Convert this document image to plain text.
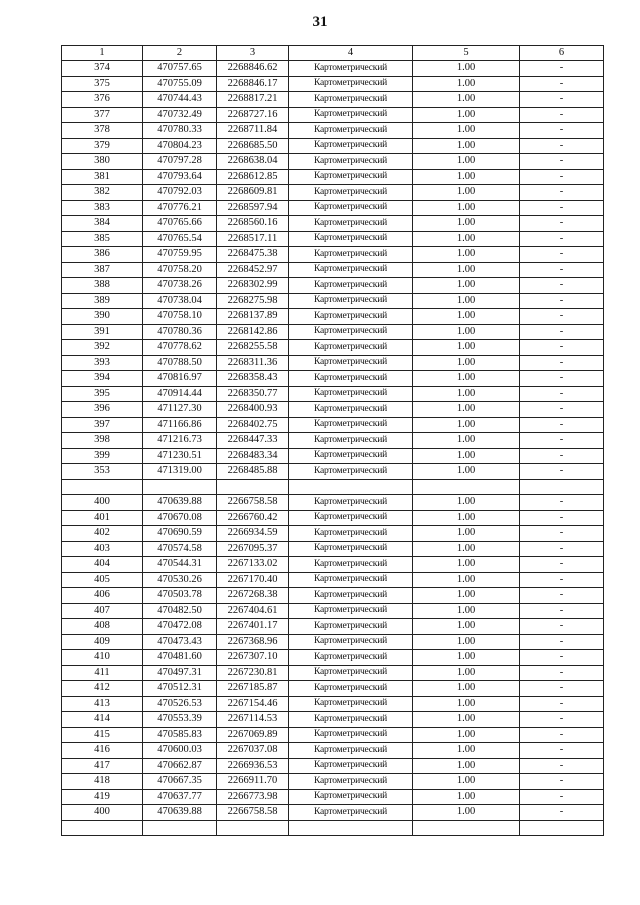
31
1	2	3	4	5	6
374	470757.65	2268846.62	Картометрический	1.00	-
375	470755.09	2268846.17	Картометрический	1.00	-
376	470744.43	2268817.21	Картометрический	1.00	-
377	470732.49	2268727.16	Картометрический	1.00	-
378	470780.33	2268711.84	Картометрический	1.00	-
379	470804.23	2268685.50	Картометрический	1.00	-
380	470797.28	2268638.04	Картометрический	1.00	-
381	470793.64	2268612.85	Картометрический	1.00	-
382	470792.03	2268609.81	Картометрический	1.00	-
383	470776.21	2268597.94	Картометрический	1.00	-
384	470765.66	2268560.16	Картометрический	1.00	-
385	470765.54	2268517.11	Картометрический	1.00	-
386	470759.95	2268475.38	Картометрический	1.00	-
387	470758.20	2268452.97	Картометрический	1.00	-
388	470738.26	2268302.99	Картометрический	1.00	-
389	470738.04	2268275.98	Картометрический	1.00	-
390	470758.10	2268137.89	Картометрический	1.00	-
391	470780.36	2268142.86	Картометрический	1.00	-
392	470778.62	2268255.58	Картометрический	1.00	-
393	470788.50	2268311.36	Картометрический	1.00	-
394	470816.97	2268358.43	Картометрический	1.00	-
395	470914.44	2268350.77	Картометрический	1.00	-
396	471127.30	2268400.93	Картометрический	1.00	-
397	471166.86	2268402.75	Картометрический	1.00	-
398	471216.73	2268447.33	Картометрический	1.00	-
399	471230.51	2268483.34	Картометрический	1.00	-
353	471319.00	2268485.88	Картометрический	1.00	-

400	470639.88	2266758.58	Картометрический	1.00	-
401	470670.08	2266760.42	Картометрический	1.00	-
402	470690.59	2266934.59	Картометрический	1.00	-
403	470574.58	2267095.37	Картометрический	1.00	-
404	470544.31	2267133.02	Картометрический	1.00	-
405	470530.26	2267170.40	Картометрический	1.00	-
406	470503.78	2267268.38	Картометрический	1.00	-
407	470482.50	2267404.61	Картометрический	1.00	-
408	470472.08	2267401.17	Картометрический	1.00	-
409	470473.43	2267368.96	Картометрический	1.00	-
410	470481.60	2267307.10	Картометрический	1.00	-
411	470497.31	2267230.81	Картометрический	1.00	-
412	470512.31	2267185.87	Картометрический	1.00	-
413	470526.53	2267154.46	Картометрический	1.00	-
414	470553.39	2267114.53	Картометрический	1.00	-
415	470585.83	2267069.89	Картометрический	1.00	-
416	470600.03	2267037.08	Картометрический	1.00	-
417	470662.87	2266936.53	Картометрический	1.00	-
418	470667.35	2266911.70	Картометрический	1.00	-
419	470637.77	2266773.98	Картометрический	1.00	-
400	470639.88	2266758.58	Картометрический	1.00	-
